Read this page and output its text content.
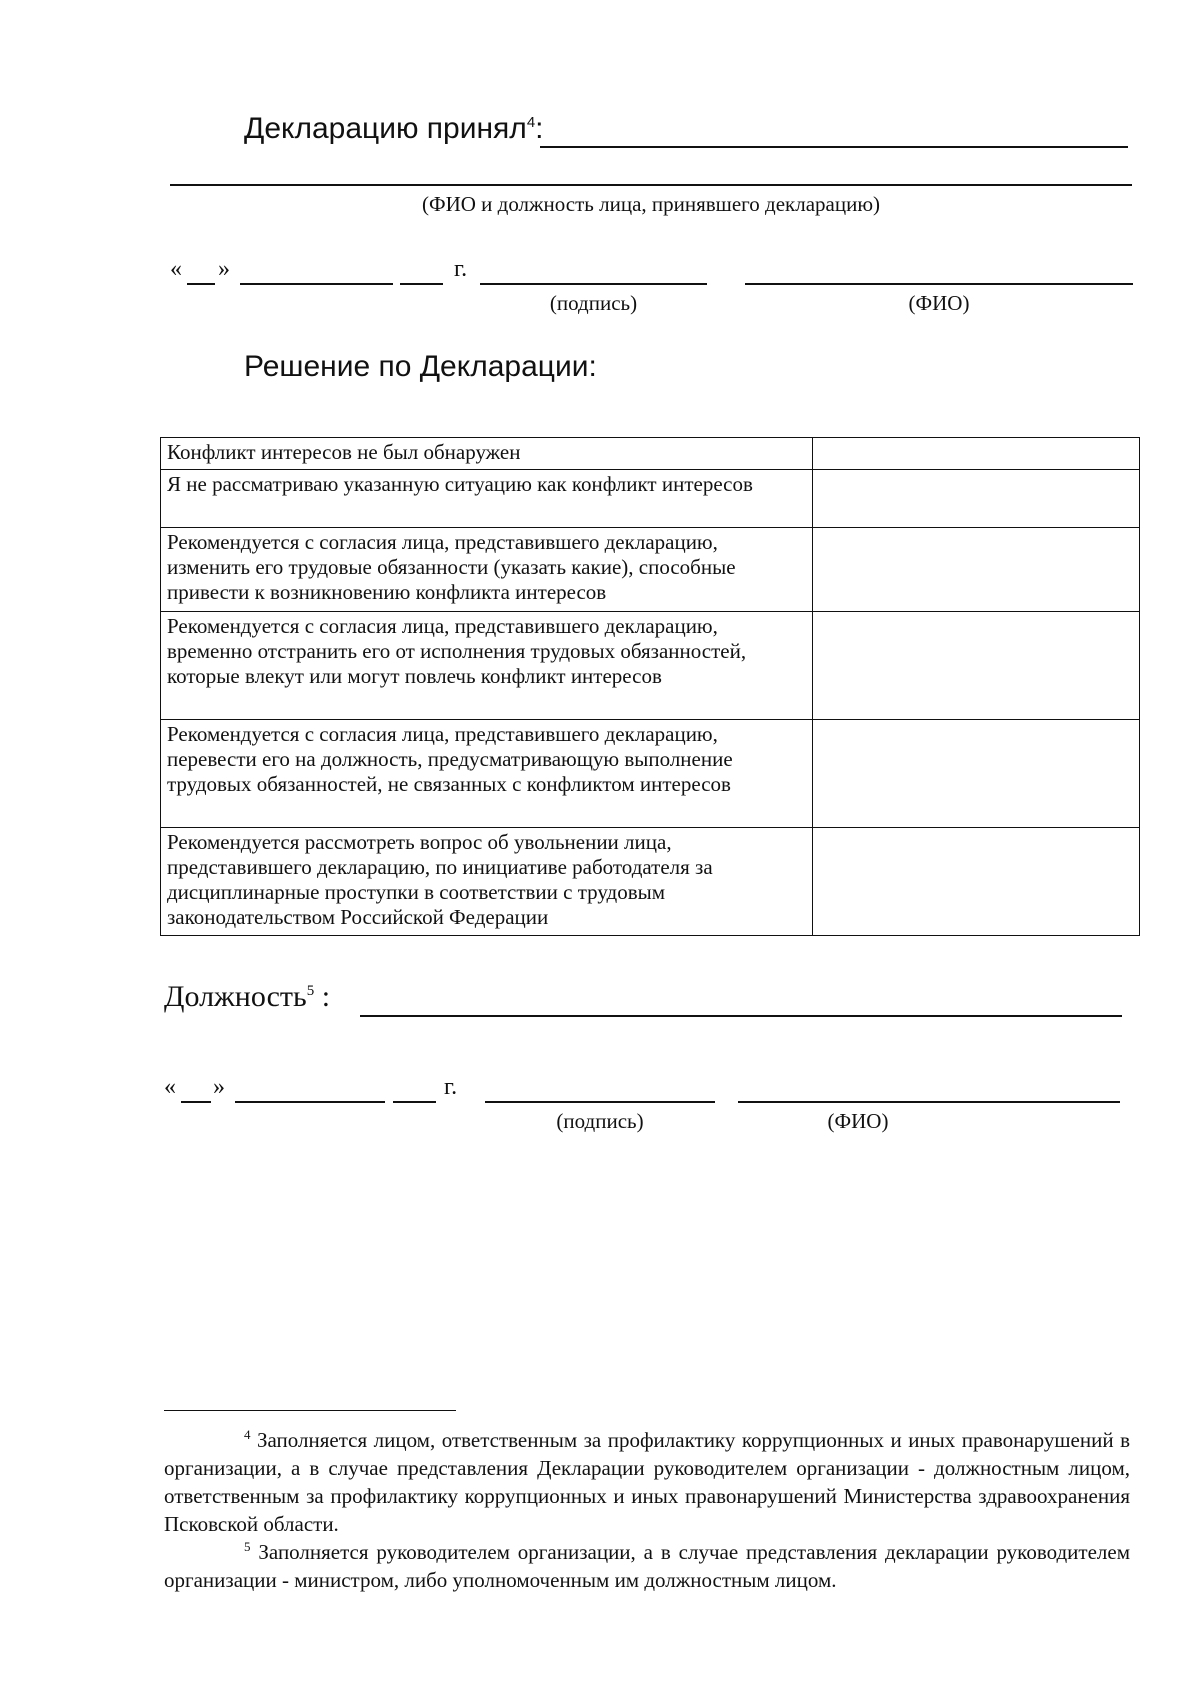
Декларацию принял$^4$:
(ФИО и должность лица, принявшего декларацию)
« »	г.
(подпись)	(ФИО)
Решение по Декларации:
Конфликт интересов не был обнаружен	
Я не рассматриваю указанную ситуацию как конфликт интересов	
Рекомендуется с согласия лица, представившего декларацию, изменить его трудовые обязанности (указать какие), способные привести к возникновению конфликта интересов	
Рекомендуется с согласия лица, представившего декларацию, временно отстранить его от исполнения трудовых обязанностей, которые влекут или могут повлечь конфликт интересов	
Рекомендуется с согласия лица, представившего декларацию, перевести его на должность, предусматривающую выполнение трудовых обязанностей, не связанных с конфликтом интересов	
Рекомендуется рассмотреть вопрос об увольнении лица, представившего декларацию, по инициативе работодателя за дисциплинарные проступки в соответствии с трудовым законодательством Российской Федерации	
Должность$^5$ :
« »	г.
(подпись)	(ФИО)

$^4$ Заполняется лицом, ответственным за профилактику коррупционных и иных правонарушений в организации, а в случае представления Декларации руководителем организации - должностным лицом, ответственным за профилактику коррупционных и иных правонарушений Министерства здравоохранения Псковской области.

$^5$ Заполняется руководителем организации, а в случае представления декларации руководителем организации - министром, либо уполномоченным им должностным лицом.
